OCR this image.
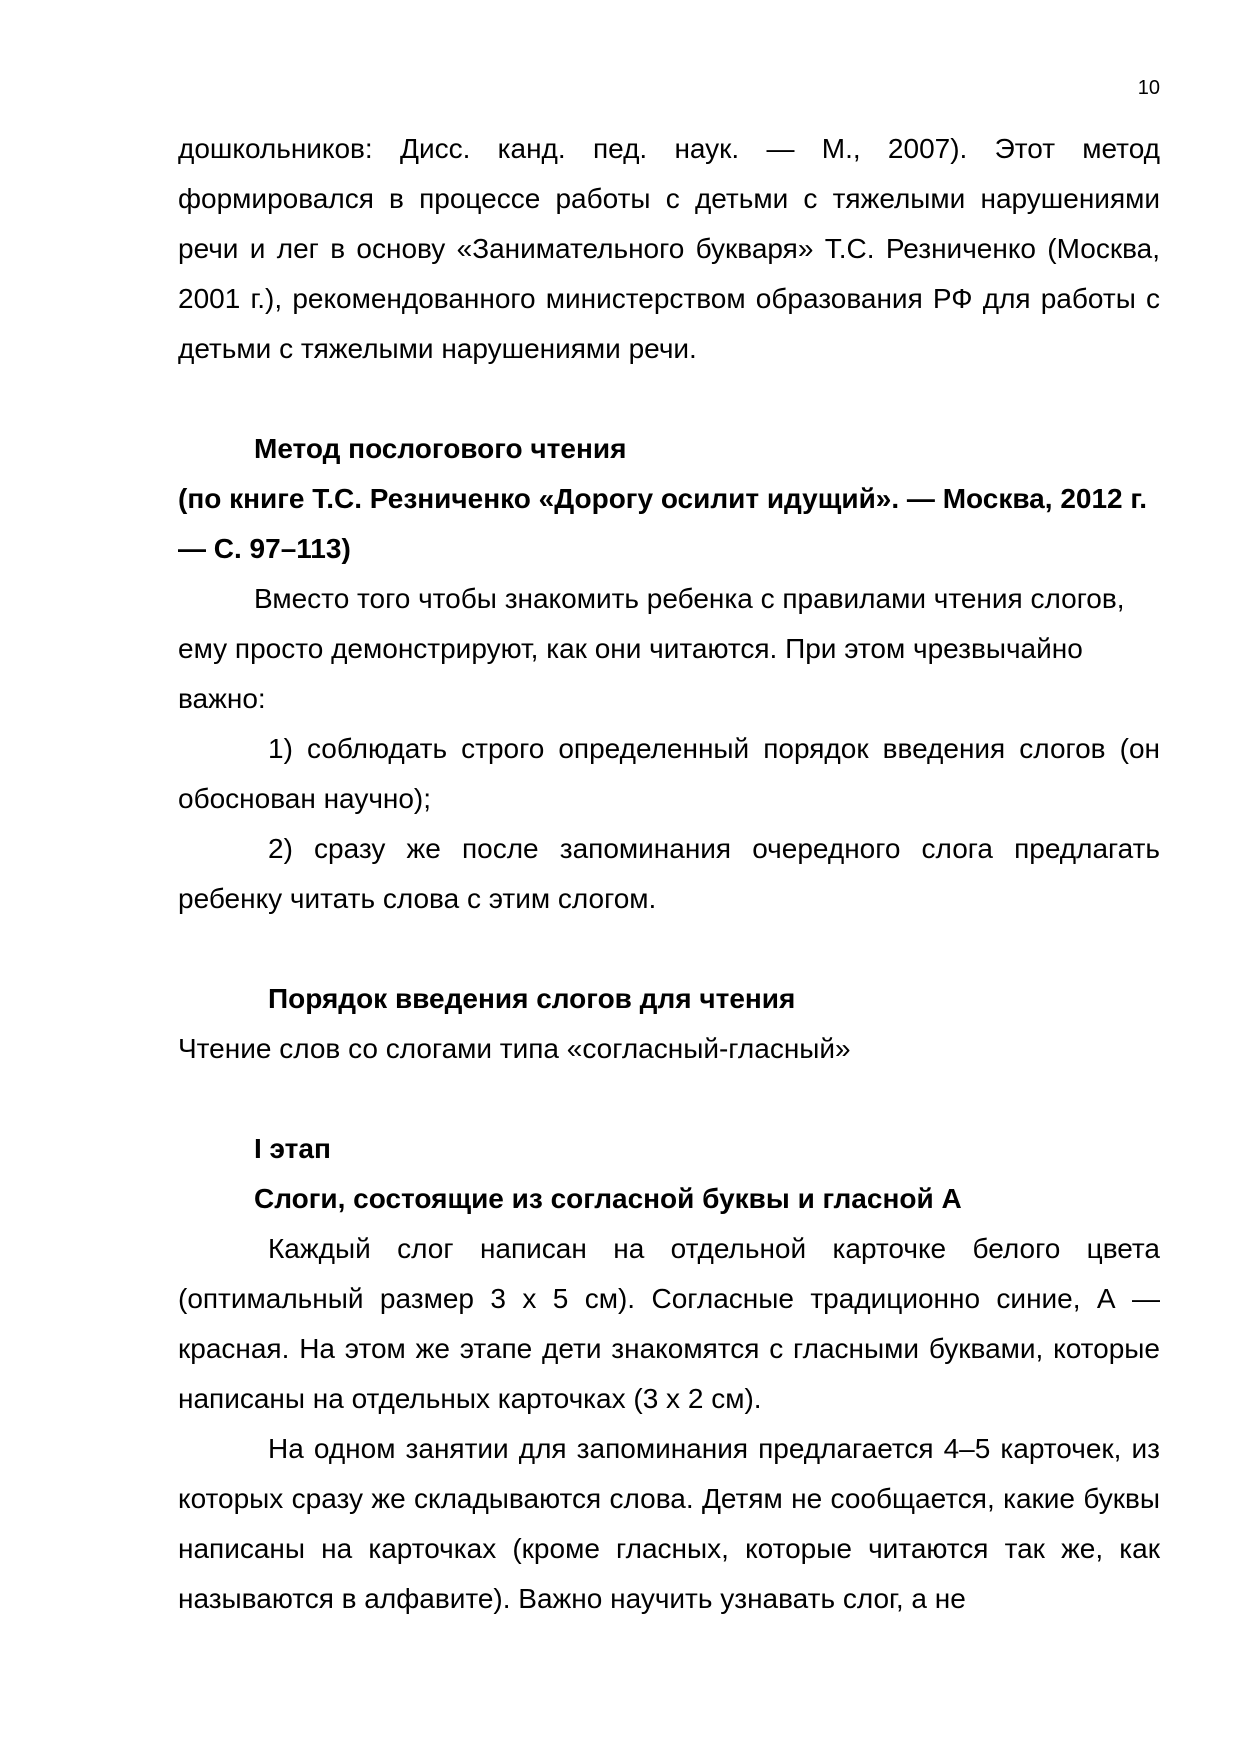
10

дошкольников: Дисс. канд. пед. наук. — М., 2007). Этот метод формировался в процессе работы с детьми с тяжелыми нарушениями речи и лег в основу «Занимательного букваря» Т.С. Резниченко (Москва, 2001 г.), рекомендованного министерством образования РФ для работы с детьми с тяжелыми нарушениями речи.

Метод послогового чтения

(по книге Т.С. Резниченко «Дорогу осилит идущий». — Москва, 2012 г. — С. 97–113)

Вместо того чтобы знакомить ребенка с правилами чтения слогов, ему просто демонстрируют, как они читаются. При этом чрезвычайно важно:

1) соблюдать строго определенный порядок введения слогов (он обоснован научно);

2) сразу же после запоминания очередного слога предлагать ребенку читать слова с этим слогом.

Порядок введения слогов для чтения

Чтение слов со слогами типа «согласный-гласный»

I этап

Слоги, состоящие из согласной буквы и гласной А

Каждый слог написан на отдельной карточке белого цвета (оптимальный размер 3 х 5 см). Согласные традиционно синие, А — красная. На этом же этапе дети знакомятся с гласными буквами, которые написаны на отдельных карточках (3 х 2 см).

На одном занятии для запоминания предлагается 4–5 карточек, из которых сразу же складываются слова. Детям не сообщается, какие буквы написаны на карточках (кроме гласных, которые читаются так же, как называются в алфавите). Важно научить узнавать слог, а не
